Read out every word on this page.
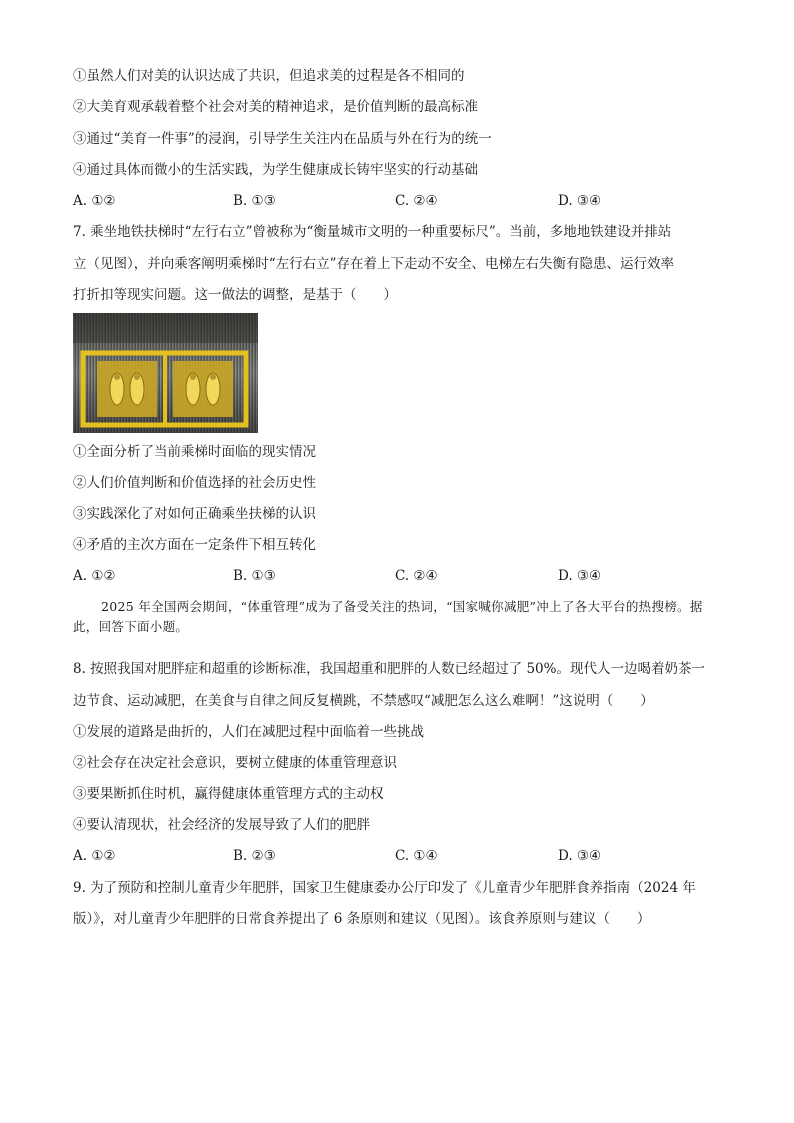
①虽然人们对美的认识达成了共识，但追求美的过程是各不相同的
②大美育观承载着整个社会对美的精神追求，是价值判断的最高标准
③通过“美育一件事”的浸润，引导学生关注内在品质与外在行为的统一
④通过具体而微小的生活实践，为学生健康成长铸牢坚实的行动基础
A. ①②	B. ①③	C. ②④	D. ③④
7. 乘坐地铁扶梯时“左行右立”曾被称为“衡量城市文明的一种重要标尺”。当前，多地地铁建设并排站
立（见图），并向乘客阐明乘梯时“左行右立”存在着上下走动不安全、电梯左右失衡有隐患、运行效率
打折扣等现实问题。这一做法的调整，是基于（　　）
①全面分析了当前乘梯时面临的现实情况
②人们价值判断和价值选择的社会历史性
③实践深化了对如何正确乘坐扶梯的认识
④矛盾的主次方面在一定条件下相互转化
A. ①②	B. ①③	C. ②④	D. ③④
2025 年全国两会期间，“体重管理”成为了备受关注的热词，“国家喊你减肥”冲上了各大平台的热搜榜。据此，回答下面小题。
8. 按照我国对肥胖症和超重的诊断标准，我国超重和肥胖的人数已经超过了 50%。现代人一边喝着奶茶一
边节食、运动减肥，在美食与自律之间反复横跳，不禁感叹“减肥怎么这么难啊！”这说明（　　）
①发展的道路是曲折的，人们在减肥过程中面临着一些挑战
②社会存在决定社会意识，要树立健康的体重管理意识
③要果断抓住时机，赢得健康体重管理方式的主动权
④要认清现状，社会经济的发展导致了人们的肥胖
A. ①②	B. ②③	C. ①④	D. ③④
9. 为了预防和控制儿童青少年肥胖，国家卫生健康委办公厅印发了《儿童青少年肥胖食养指南（2024 年
版）》，对儿童青少年肥胖的日常食养提出了 6 条原则和建议（见图）。该食养原则与建议（　　）
